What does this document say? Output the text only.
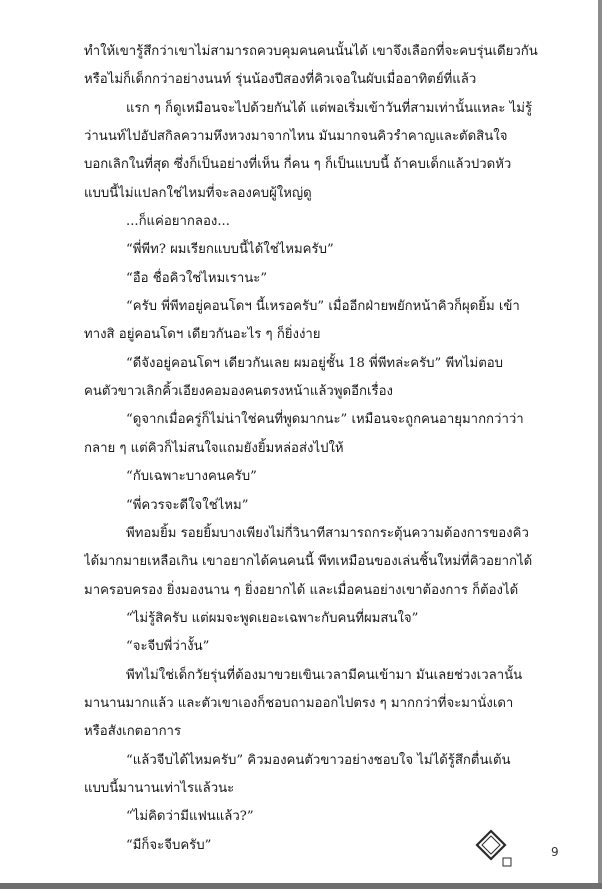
ทำให้เขารู้สึกว่าเขาไม่สามารถควบคุมคนคนนั้นได้ เขาจึงเลือกที่จะคบรุ่นเดียวกัน
หรือไม่ก็เด็กกว่าอย่างนนท์ รุ่นน้องปีสองที่คิวเจอในผับเมื่ออาทิตย์ที่แล้ว
แรก ๆ ก็ดูเหมือนจะไปด้วยกันได้ แต่พอเริ่มเข้าวันที่สามเท่านั้นแหละ ไม่รู้
ว่านนท์ไปอัปสกิลความหึงหวงมาจากไหน มันมากจนคิวรำคาญและตัดสินใจ
บอกเลิกในที่สุด ซึ่งก็เป็นอย่างที่เห็น กี่คน ๆ ก็เป็นแบบนี้ ถ้าคบเด็กแล้วปวดหัว
แบบนี้ไม่แปลกใช่ไหมที่จะลองคบผู้ใหญ่ดู
...ก็แค่อยากลอง...
“พี่พีท? ผมเรียกแบบนี้ได้ใช่ไหมครับ”
“อือ ชื่อคิวใช่ไหมเรานะ”
“ครับ พี่พีทอยู่คอนโดฯ นี้เหรอครับ” เมื่ออีกฝ่ายพยักหน้าคิวก็ผุดยิ้ม เข้า
ทางสิ อยู่คอนโดฯ เดียวกันอะไร ๆ ก็ยิ่งง่าย
“ดีจังอยู่คอนโดฯ เดียวกันเลย ผมอยู่ชั้น 18 พี่พีทล่ะครับ” พีทไม่ตอบ
คนตัวขาวเลิกคิ้วเอียงคอมองคนตรงหน้าแล้วพูดอีกเรื่อง
“ดูจากเมื่อครู่ก็ไม่น่าใช่คนที่พูดมากนะ” เหมือนจะถูกคนอายุมากกว่าว่า
กลาย ๆ แต่คิวก็ไม่สนใจแถมยังยิ้มหล่อส่งไปให้
“กับเฉพาะบางคนครับ”
“พี่ควรจะดีใจใช่ไหม”
พีทอมยิ้ม รอยยิ้มบางเพียงไม่กี่วินาทีสามารถกระตุ้นความต้องการของคิว
ได้มากมายเหลือเกิน เขาอยากได้คนคนนี้ พีทเหมือนของเล่นชิ้นใหม่ที่คิวอยากได้
มาครอบครอง ยิ่งมองนาน ๆ ยิ่งอยากได้ และเมื่อคนอย่างเขาต้องการ ก็ต้องได้
“ไม่รู้สิครับ แต่ผมจะพูดเยอะเฉพาะกับคนที่ผมสนใจ”
“จะจีบพี่ว่างั้น”
พีทไม่ใช่เด็กวัยรุ่นที่ต้องมาขวยเขินเวลามีคนเข้ามา มันเลยช่วงเวลานั้น
มานานมากแล้ว และตัวเขาเองก็ชอบถามออกไปตรง ๆ มากกว่าที่จะมานั่งเดา
หรือสังเกตอาการ
“แล้วจีบได้ไหมครับ” คิวมองคนตัวขาวอย่างชอบใจ ไม่ได้รู้สึกตื่นเต้น
แบบนี้มานานเท่าไรแล้วนะ
“ไม่คิดว่ามีแฟนแล้ว?”
“มีก็จะจีบครับ”	9
